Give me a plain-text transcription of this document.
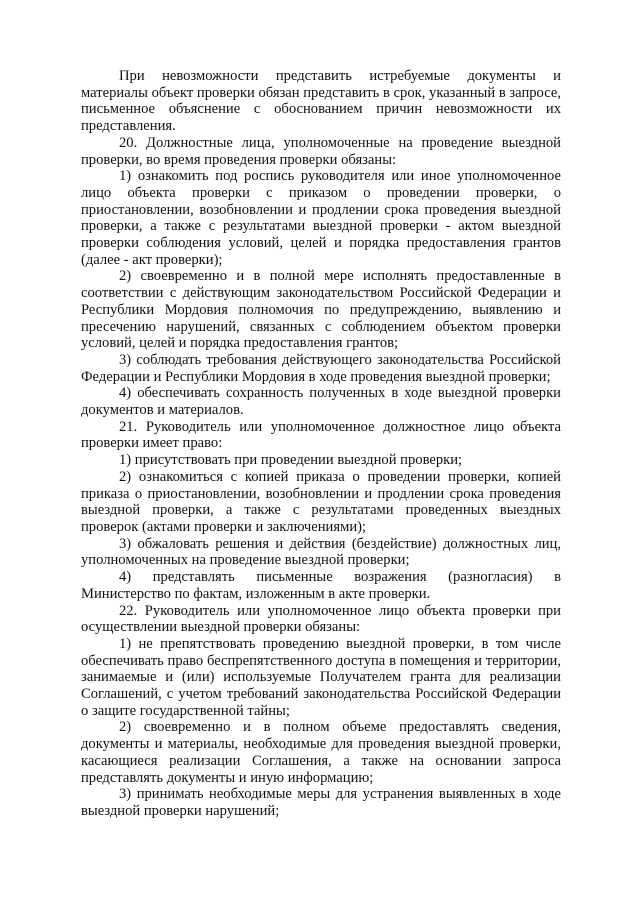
При невозможности представить истребуемые документы и материалы объект проверки обязан представить в срок, указанный в запросе, письменное объяснение с обоснованием причин невозможности их представления.

20. Должностные лица, уполномоченные на проведение выездной проверки, во время проведения проверки обязаны:

1) ознакомить под роспись руководителя или иное уполномоченное лицо объекта проверки с приказом о проведении проверки, о приостановлении, возобновлении и продлении срока проведения выездной проверки, а также с результатами выездной проверки - актом выездной проверки соблюдения условий, целей и порядка предоставления грантов (далее - акт проверки);

2) своевременно и в полной мере исполнять предоставленные в соответствии с действующим законодательством Российской Федерации и Республики Мордовия полномочия по предупреждению, выявлению и пресечению нарушений, связанных с соблюдением объектом проверки условий, целей и порядка предоставления грантов;

3) соблюдать требования действующего законодательства Российской Федерации и Республики Мордовия в ходе проведения выездной проверки;

4) обеспечивать сохранность полученных в ходе выездной проверки документов и материалов.

21. Руководитель или уполномоченное должностное лицо объекта проверки имеет право:

1) присутствовать при проведении выездной проверки;

2) ознакомиться с копией приказа о проведении проверки, копией приказа о приостановлении, возобновлении и продлении срока проведения выездной проверки, а также с результатами проведенных выездных проверок (актами проверки и заключениями);

3) обжаловать решения и действия (бездействие) должностных лиц, уполномоченных на проведение выездной проверки;

4) представлять письменные возражения (разногласия) в Министерство по фактам, изложенным в акте проверки.

22. Руководитель или уполномоченное лицо объекта проверки при осуществлении выездной проверки обязаны:

1) не препятствовать проведению выездной проверки, в том числе обеспечивать право беспрепятственного доступа в помещения и территории, занимаемые и (или) используемые Получателем гранта для реализации Соглашений, с учетом требований законодательства Российской Федерации о защите государственной тайны;

2) своевременно и в полном объеме предоставлять сведения, документы и материалы, необходимые для проведения выездной проверки, касающиеся реализации Соглашения, а также на основании запроса представлять документы и иную информацию;

3) принимать необходимые меры для устранения выявленных в ходе выездной проверки нарушений;
